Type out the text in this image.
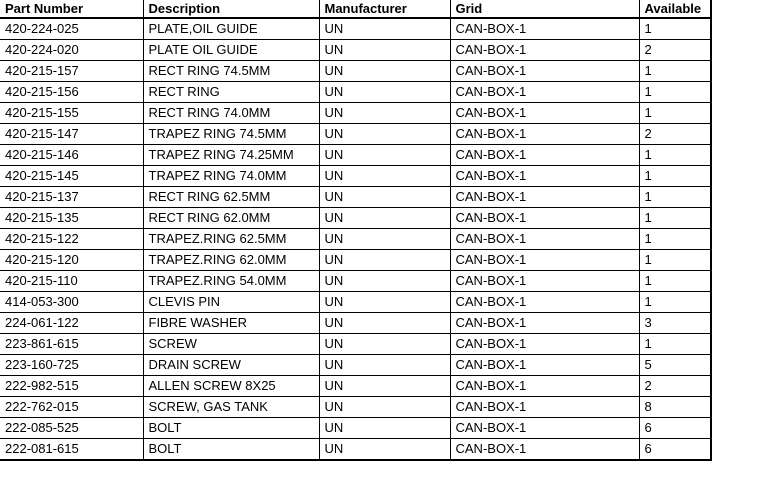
Part Number	Description	Manufacturer	Grid	Available
420-224-025	PLATE,OIL GUIDE	UN	CAN-BOX-1	1
420-224-020	PLATE OIL GUIDE	UN	CAN-BOX-1	2
420-215-157	RECT RING 74.5MM	UN	CAN-BOX-1	1
420-215-156	RECT RING	UN	CAN-BOX-1	1
420-215-155	RECT RING 74.0MM	UN	CAN-BOX-1	1
420-215-147	TRAPEZ RING 74.5MM	UN	CAN-BOX-1	2
420-215-146	TRAPEZ RING 74.25MM	UN	CAN-BOX-1	1
420-215-145	TRAPEZ RING 74.0MM	UN	CAN-BOX-1	1
420-215-137	RECT RING 62.5MM	UN	CAN-BOX-1	1
420-215-135	RECT RING 62.0MM	UN	CAN-BOX-1	1
420-215-122	TRAPEZ.RING 62.5MM	UN	CAN-BOX-1	1
420-215-120	TRAPEZ.RING 62.0MM	UN	CAN-BOX-1	1
420-215-110	TRAPEZ.RING 54.0MM	UN	CAN-BOX-1	1
414-053-300	CLEVIS PIN	UN	CAN-BOX-1	1
224-061-122	FIBRE WASHER	UN	CAN-BOX-1	3
223-861-615	SCREW	UN	CAN-BOX-1	1
223-160-725	DRAIN SCREW	UN	CAN-BOX-1	5
222-982-515	ALLEN SCREW 8X25	UN	CAN-BOX-1	2
222-762-015	SCREW, GAS TANK	UN	CAN-BOX-1	8
222-085-525	BOLT	UN	CAN-BOX-1	6
222-081-615	BOLT	UN	CAN-BOX-1	6
